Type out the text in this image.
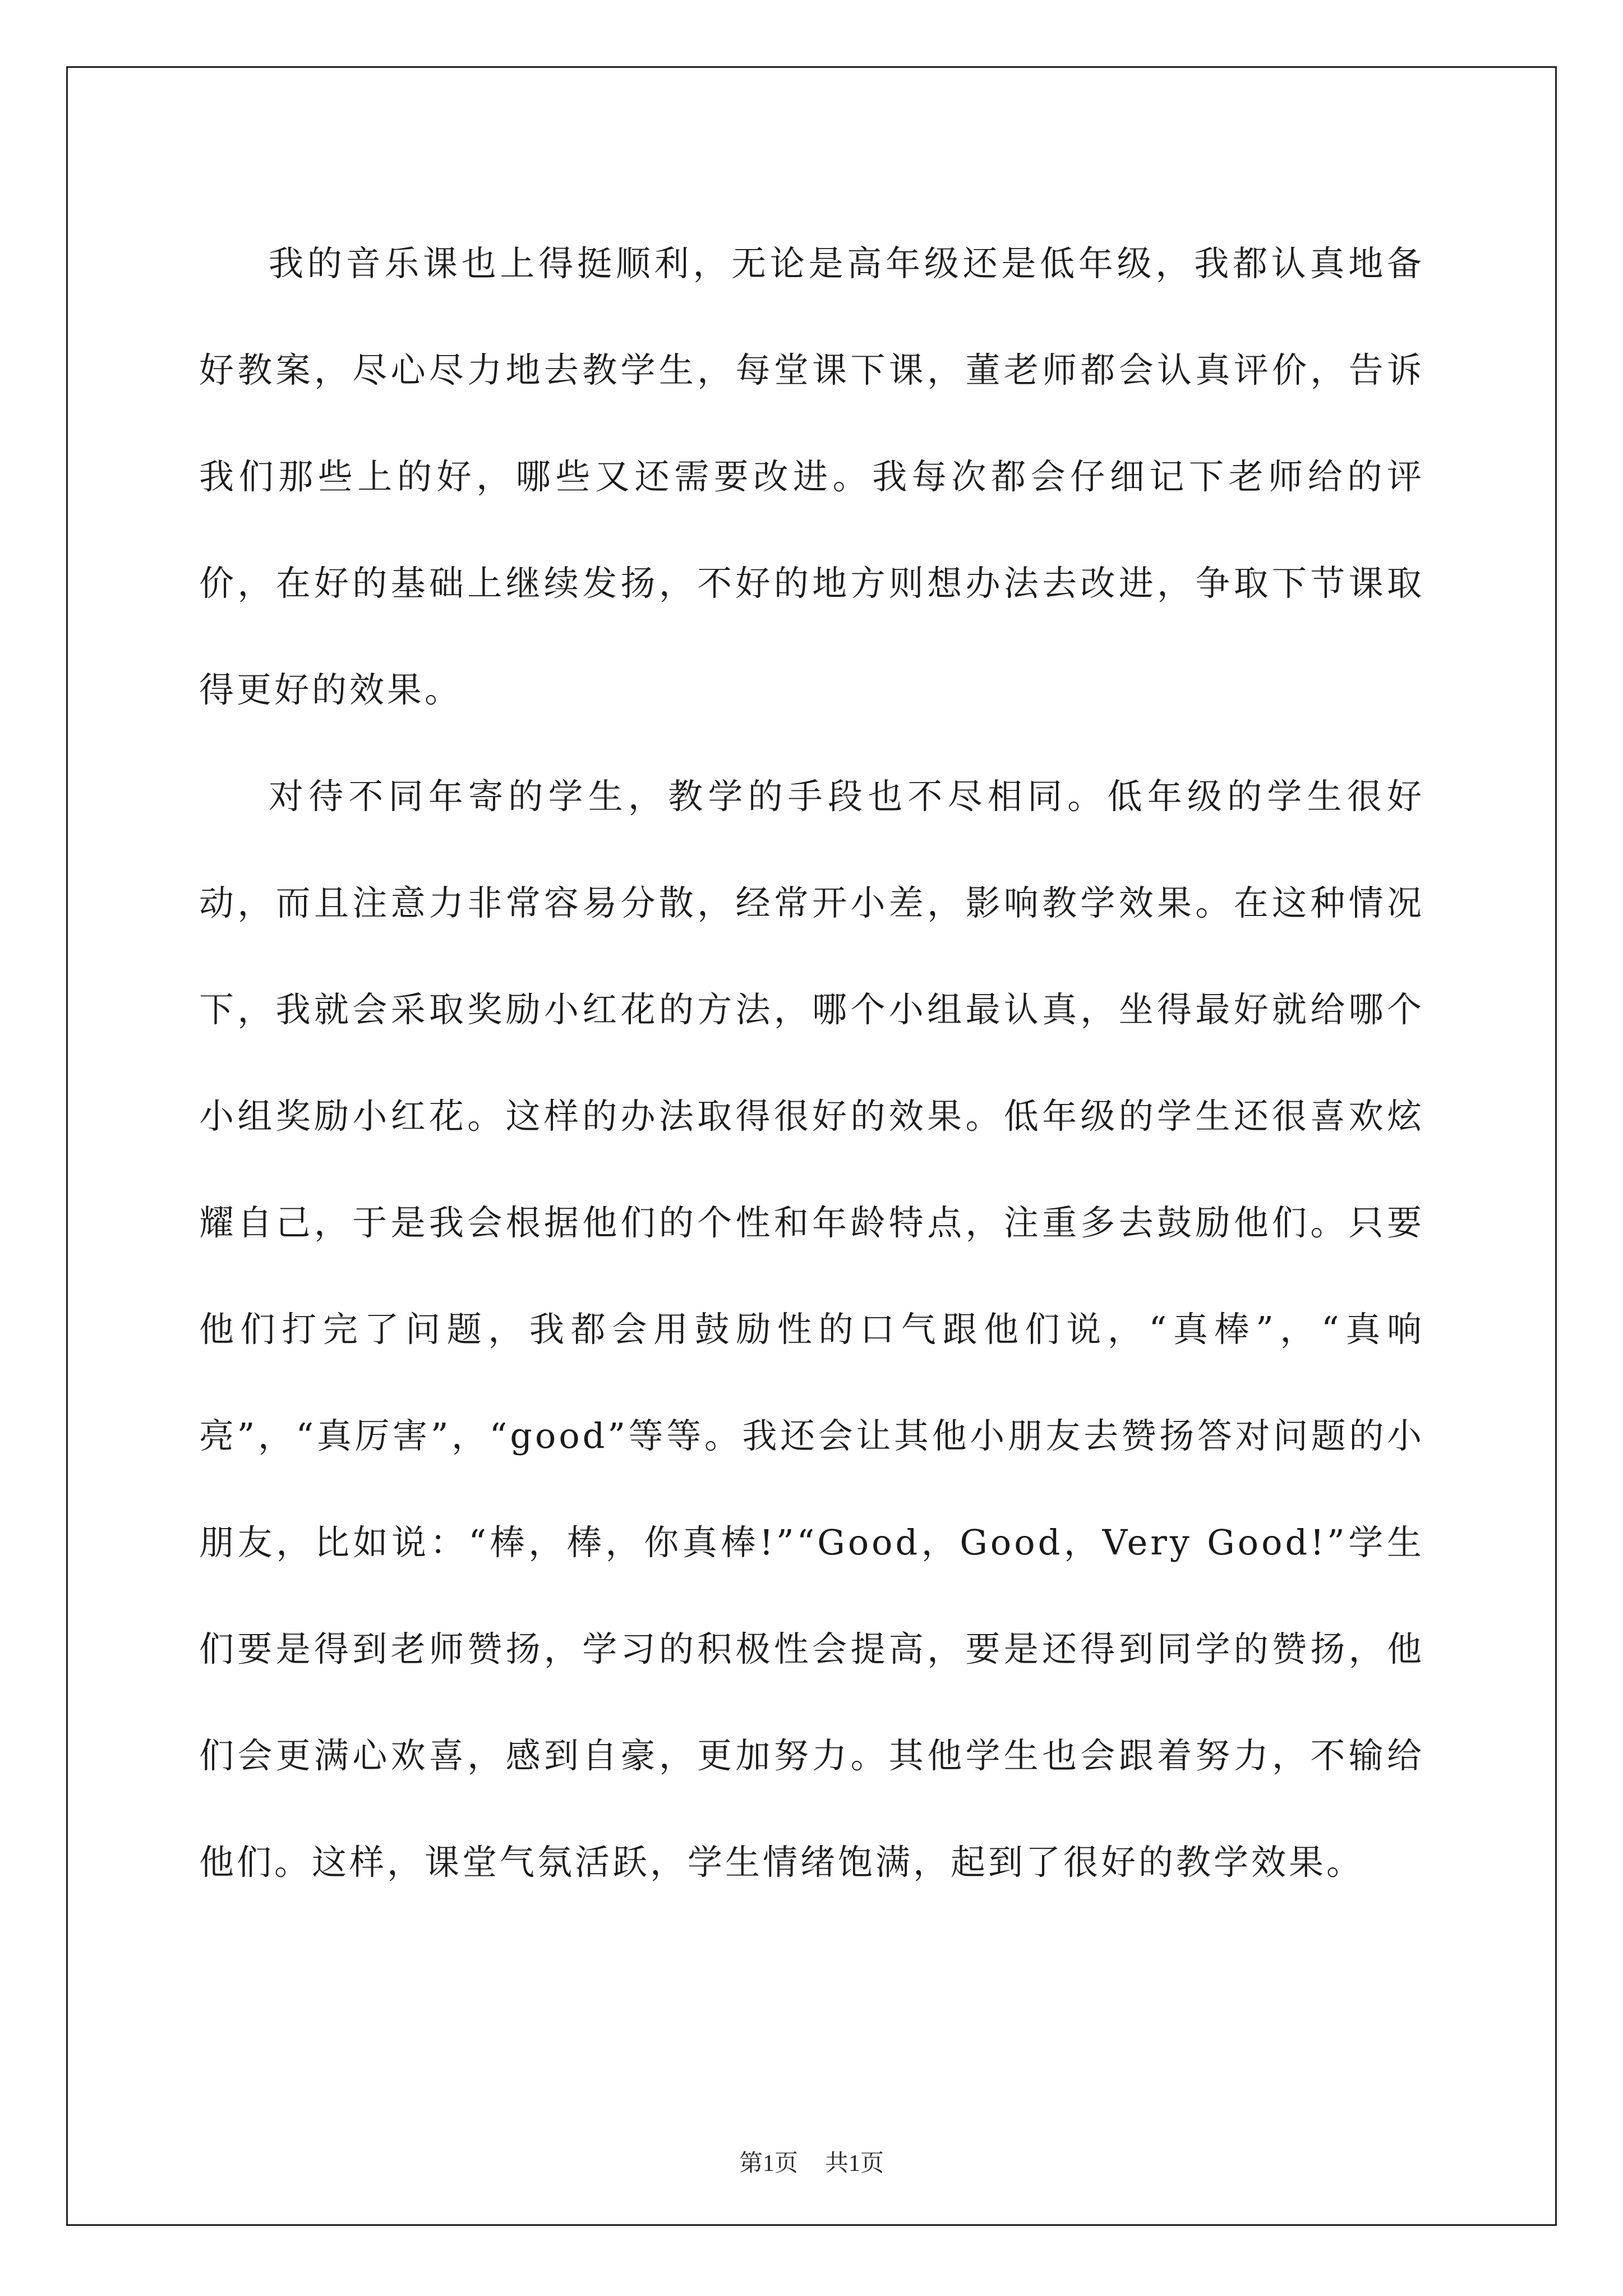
我的音乐课也上得挺顺利，无论是高年级还是低年级，我都认真地备好教案，尽心尽力地去教学生，每堂课下课，董老师都会认真评价，告诉我们那些上的好，哪些又还需要改进。我每次都会仔细记下老师给的评价，在好的基础上继续发扬，不好的地方则想办法去改进，争取下节课取得更好的效果。

对待不同年寄的学生，教学的手段也不尽相同。低年级的学生很好动，而且注意力非常容易分散，经常开小差，影响教学效果。在这种情况下，我就会采取奖励小红花的方法，哪个小组最认真，坐得最好就给哪个小组奖励小红花。这样的办法取得很好的效果。低年级的学生还很喜欢炫耀自己，于是我会根据他们的个性和年龄特点，注重多去鼓励他们。只要他们打完了问题，我都会用鼓励性的口气跟他们说，“真棒”，“真响亮”，“真厉害”，“good”等等。我还会让其他小朋友去赞扬答对问题的小朋友，比如说：“棒，棒，你真棒!”“Good，Good，Very Good!”学生们要是得到老师赞扬，学习的积极性会提高，要是还得到同学的赞扬，他们会更满心欢喜，感到自豪，更加努力。其他学生也会跟着努力，不输给他们。这样，课堂气氛活跃，学生情绪饱满，起到了很好的教学效果。

第1页 共1页
